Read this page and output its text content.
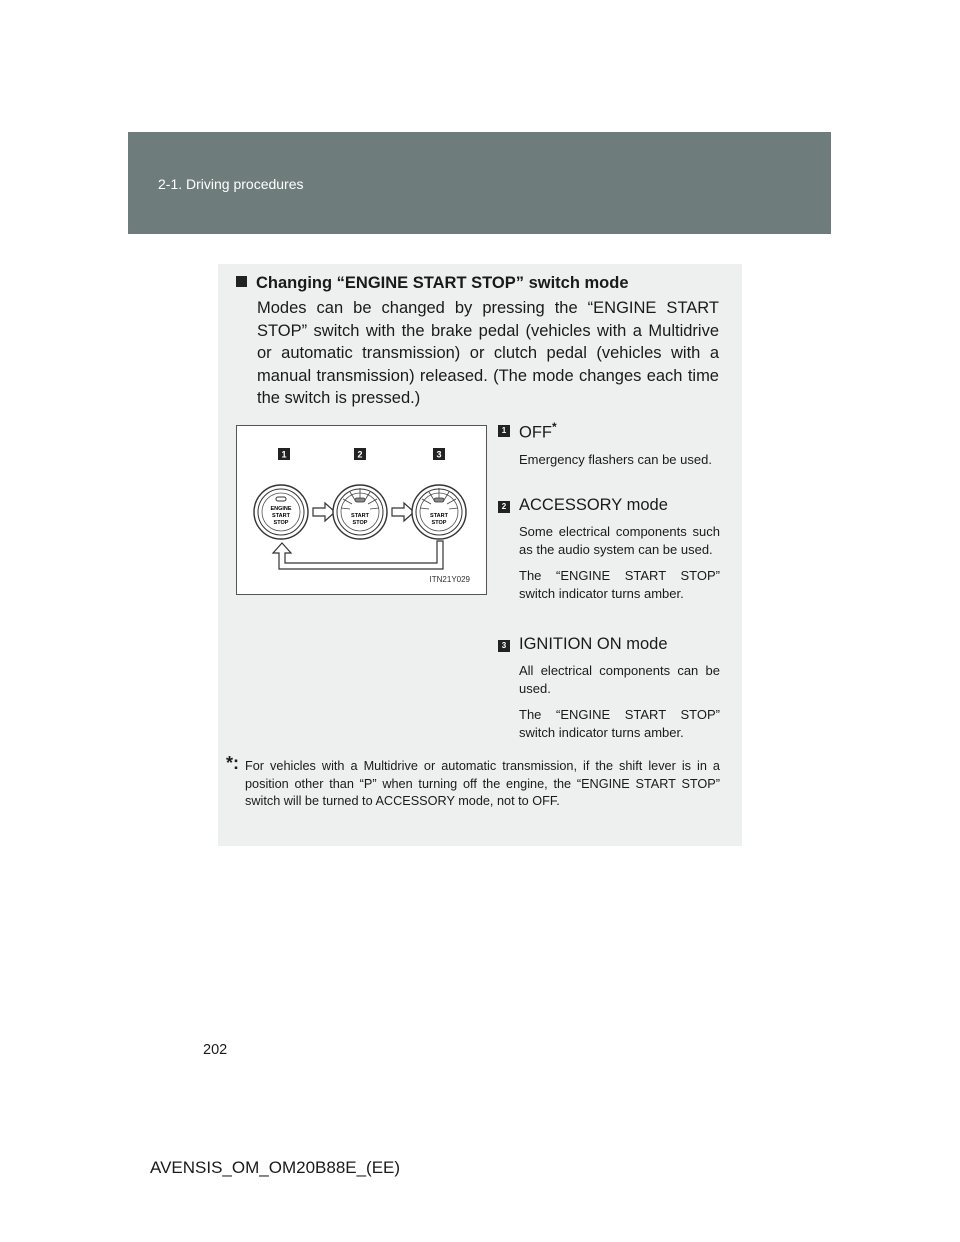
2-1. Driving procedures
Changing “ENGINE START STOP” switch mode
Modes can be changed by pressing the “ENGINE START STOP” switch with the brake pedal (vehicles with a Multidrive or automatic transmission) or clutch pedal (vehicles with a manual transmission) released. (The mode changes each time the switch is pressed.)
1	2	3
ENGINE
START
STOP
START
STOP
START
STOP
ITN21Y029
1 OFF*
Emergency flashers can be used.
2 ACCESSORY mode
Some electrical components such as the audio system can be used.
The “ENGINE START STOP” switch indicator turns amber.
3 IGNITION ON mode
All electrical components can be used.
The “ENGINE START STOP” switch indicator turns amber.
*: For vehicles with a Multidrive or automatic transmission, if the shift lever is in a position other than “P” when turning off the engine, the “ENGINE START STOP” switch will be turned to ACCESSORY mode, not to OFF.
202
AVENSIS_OM_OM20B88E_(EE)
